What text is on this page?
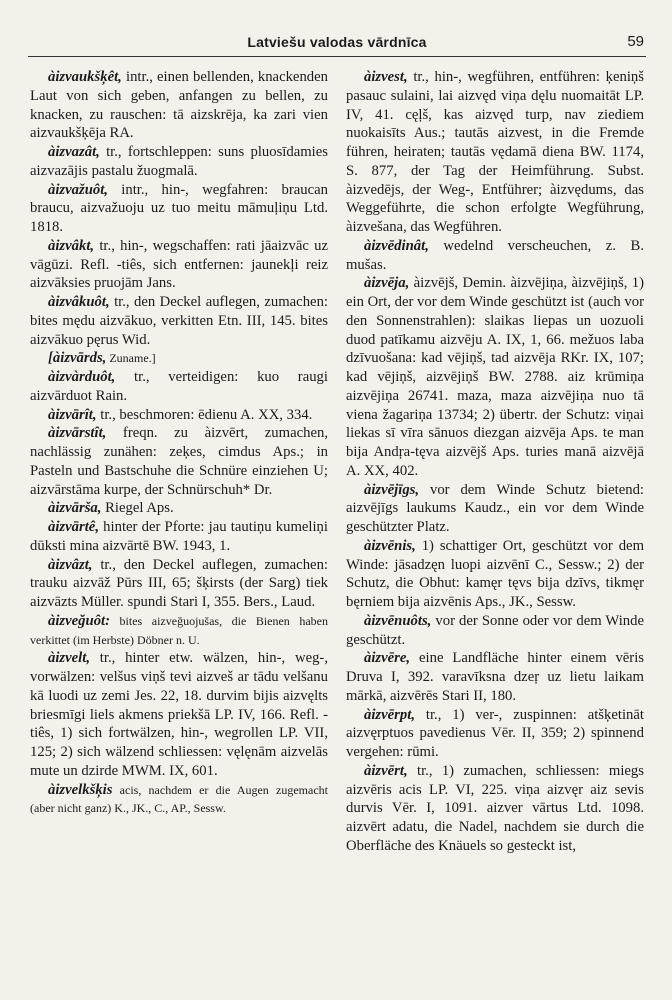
Latviešu valodas vārdnīca	59

àizvaukšķêt, intr., einen bellenden, knackenden Laut von sich geben, anfangen zu bellen, zu knacken, zu rauschen: tā aizskrēja, ka zari vien aizvaukšķēja RA.

àizvazât, tr., fortschleppen: suns pluosīdamies aizvazājis pastalu žuogmalā.

àizvažuôt, intr., hin-, wegfahren: braucan braucu, aizvažuoju uz tuo meitu māmuļiņu Ltd. 1818.

àizvâkt, tr., hin-, wegschaffen: rati jāaizvāc uz vāgūzi. Refl. -tiês, sich entfernen: jaunekļi reiz aizvāksies pruojām Jans.

àizvâkuôt, tr., den Deckel auflegen, zumachen: bites mędu aizvākuo, verkitten Etn. III, 145. bites aizvākuo pęrus Wid.

[àizvārds, Zuname.]

àizvàrduôt, tr., verteidigen: kuo raugi aizvārduot Rain.

àizvārît, tr., beschmoren: ēdienu A. XX, 334.

àizvārstît, freqn. zu àizvērt, zumachen, nachlässig zunähen: zeķes, cimdus Aps.; in Pasteln und Bastschuhe die Schnüre einziehen U; aizvārstāma kurpe, der Schnürschuh* Dr.

àizvārša, Riegel Aps.

àizvārtê, hinter der Pforte: jau tautiņu kumeliņi dūksti mina aizvārtē BW. 1943, 1.

àizvâzt, tr., den Deckel auflegen, zumachen: trauku aizvāž Pūrs III, 65; šķirsts (der Sarg) tiek aizvāzts Müller. spundi Stari I, 355. Bers., Laud.

àizveğuôt: bites aizveğuojušas, die Bienen haben verkittet (im Herbste) Döbner n. U.

àizvelt, tr., hinter etw. wälzen, hin-, weg-, vorwälzen: velšus viņš tevi aizveš ar tādu velšanu kā luodi uz zemi Jes. 22, 18. durvim bijis aizvęlts briesmīgi liels akmens priekšā LP. IV, 166. Refl. -tiês, 1) sich fortwälzen, hin-, wegrollen LP. VII, 125; 2) sich wälzend schliessen: vęlęnām aizvelās mute un dzirde MWM. IX, 601.

àizvelkšķis acis, nachdem er die Augen zugemacht (aber nicht ganz) K., JK., C., AP., Sessw.

àizvest, tr., hin-, wegführen, entführen: ķeniņš pasauc sulaini, lai aizvęd viņa dęlu nuomaitāt LP. IV, 41. cęļš, kas aizvęd turp, nav ziediem nuokaisīts Aus.; tautās aizvest, in die Fremde führen, heiraten; tautās vędamā diena BW. 1174, S. 877, der Tag der Heimführung. Subst. àizvedējs, der Weg-, Entführer; àizvędums, das Weggeführte, die schon erfolgte Wegführung, àizvešana, das Wegführen.

àizvēdinât, wedelnd verscheuchen, z. B. mušas.

àizvēja, àizvējš, Demin. àizvējiņa, àizvējiņš, 1) ein Ort, der vor dem Winde geschützt ist (auch vor den Sonnenstrahlen): slaikas liepas un uozuoli duod patīkamu aizvēju A. IX, 1, 66. mežuos laba dzīvuošana: kad vējiņš, tad aizvēja RKr. IX, 107; kad vējiņš, aizvējiņš BW. 2788. aiz krūmiņa aizvējiņa 26741. maza, maza aizvējiņa nuo tā viena žagariņa 13734; 2) übertr. der Schutz: viņai liekas sī vīra sānuos diezgan aizvēja Aps. te man bija Andŗa-tęva aizvējš Aps. turies manā aizvējā A. XX, 402.

àizvējīgs, vor dem Winde Schutz bietend: aizvējīgs laukums Kaudz., ein vor dem Winde geschützter Platz.

àizvēnis, 1) schattiger Ort, geschützt vor dem Winde: jāsadzęn luopi aizvēnī C., Sessw.; 2) der Schutz, die Obhut: kamęr tęvs bija dzīvs, tikmęr bęrniem bija aizvēnis Aps., JK., Sessw.

àizvēnuôts, vor der Sonne oder vor dem Winde geschützt.

àizvēre, eine Landfläche hinter einem vēris Druva I, 392. varavīksna dzeŗ uz lietu laikam mārkā, aizvērēs Stari II, 180.

àizvērpt, tr., 1) ver-, zuspinnen: atšķetināt aizvęrptuos pavedienus Vēr. II, 359; 2) spinnend vergehen: rūmi.

àizvērt, tr., 1) zumachen, schliessen: miegs aizvēris acis LP. VI, 225. viņa aizvęr aiz sevis durvis Vēr. I, 1091. aizver vārtus Ltd. 1098. aizvērt adatu, die Nadel, nachdem sie durch die Oberfläche des Knäuels so gesteckt ist,
